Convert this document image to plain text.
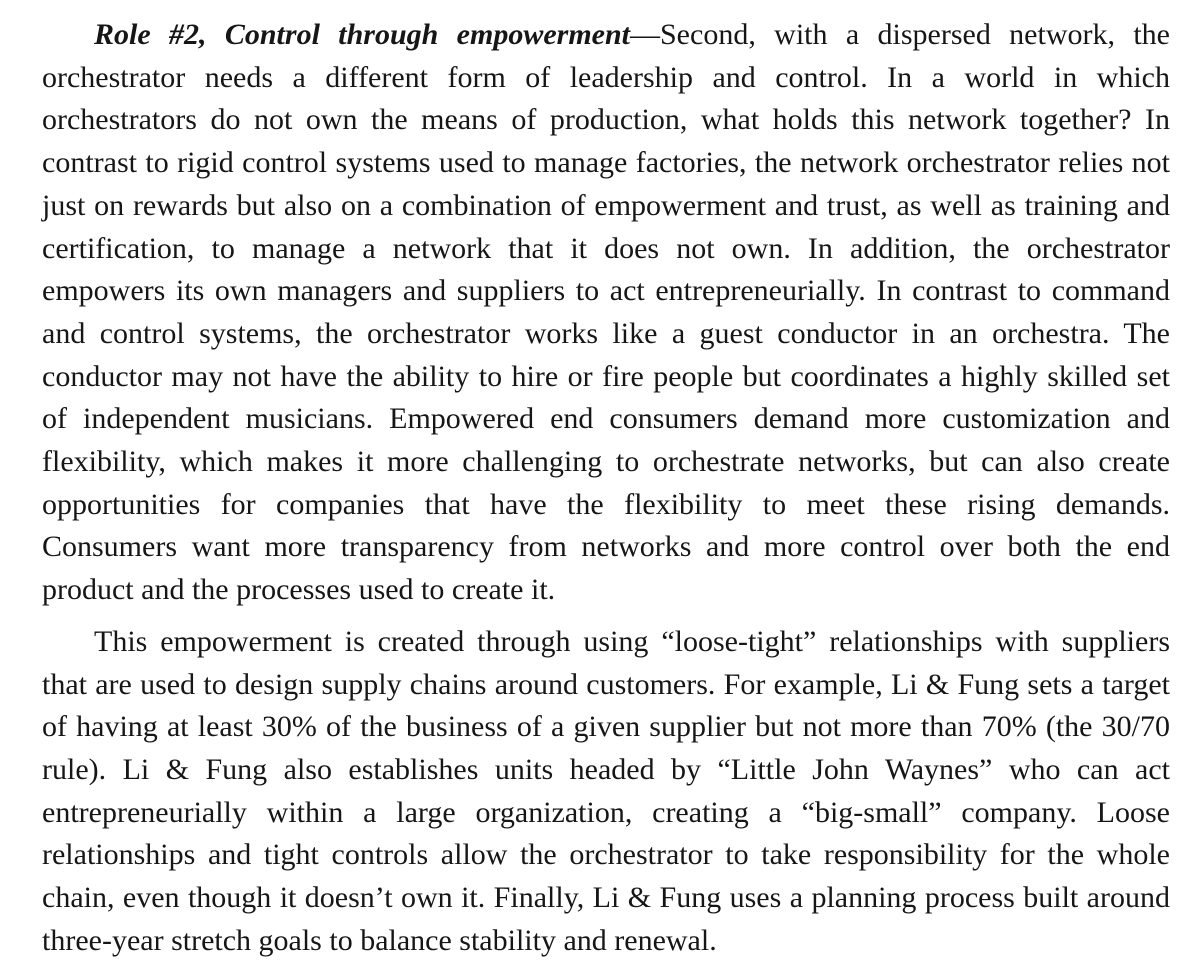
Role #2, Control through empowerment—Second, with a dispersed network, the orchestrator needs a different form of leadership and control. In a world in which orchestrators do not own the means of production, what holds this network together? In contrast to rigid control systems used to manage factories, the network orchestrator relies not just on rewards but also on a combination of empowerment and trust, as well as training and certification, to manage a network that it does not own. In addition, the orchestrator empowers its own managers and suppliers to act entrepreneurially. In contrast to command and control systems, the orchestrator works like a guest conductor in an orchestra. The conductor may not have the ability to hire or fire people but coordinates a highly skilled set of independent musicians. Empowered end consumers demand more customization and flexibility, which makes it more challenging to orchestrate networks, but can also create opportunities for companies that have the flexibility to meet these rising demands. Consumers want more transparency from networks and more control over both the end product and the processes used to create it.

This empowerment is created through using “loose-tight” relationships with suppliers that are used to design supply chains around customers. For example, Li & Fung sets a target of having at least 30% of the business of a given supplier but not more than 70% (the 30/70 rule). Li & Fung also establishes units headed by “Little John Waynes” who can act entrepreneurially within a large organization, creating a “big-small” company. Loose relationships and tight controls allow the orchestrator to take responsibility for the whole chain, even though it doesn’t own it. Finally, Li & Fung uses a planning process built around three-year stretch goals to balance stability and renewal.
